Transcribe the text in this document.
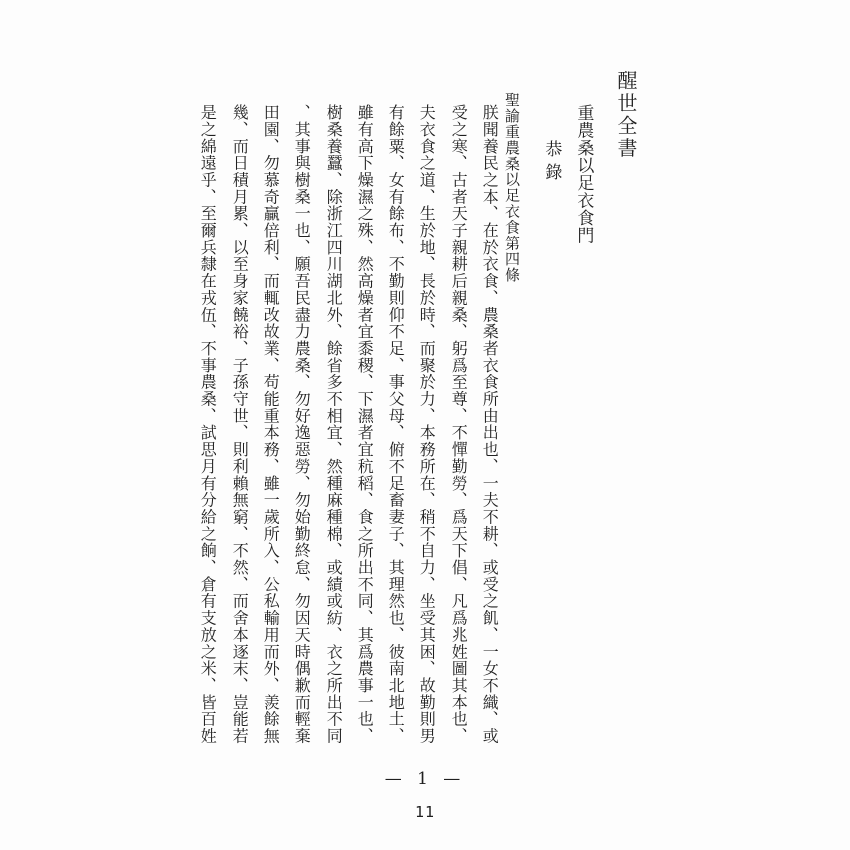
醒世全書
重農桑以足衣食門
恭錄
聖諭重農桑以足衣食第四條
朕聞養民之本、在於衣食、農桑者衣食所由出也、一夫不耕、或受之飢、一女不織、或
受之寒、古者天子親耕后親桑、躬爲至尊、不憚勤勞、爲天下倡、凡爲兆姓圖其本也、
夫衣食之道、生於地、長於時、而聚於力、本務所在、稍不自力、坐受其困、故勤則男
有餘粟、女有餘布、不勤則仰不足、事父母、俯不足畜妻子、其理然也、彼南北地土、
雖有高下燥濕之殊、然高燥者宜黍稷、下濕者宜秔稻、食之所出不同、其爲農事一也、
樹桑養蠶、除浙江四川湖北外、餘省多不相宜、然種麻種棉、或績或紡、衣之所出不同
、其事與樹桑一也、願吾民盡力農桑、勿好逸惡勞、勿始勤終怠、勿因天時偶歉而輕棄
田園、勿慕奇贏倍利、而輒改故業、苟能重本務、雖一歲所入、公私輸用而外、羨餘無
幾、而日積月累、以至身家饒裕、子孫守世、則利賴無窮、不然、而舍本逐末、豈能若
是之綿遠乎、至爾兵隸在戎伍、不事農桑、試思月有分給之餉、倉有支放之米、皆百姓
— 1 —
11
